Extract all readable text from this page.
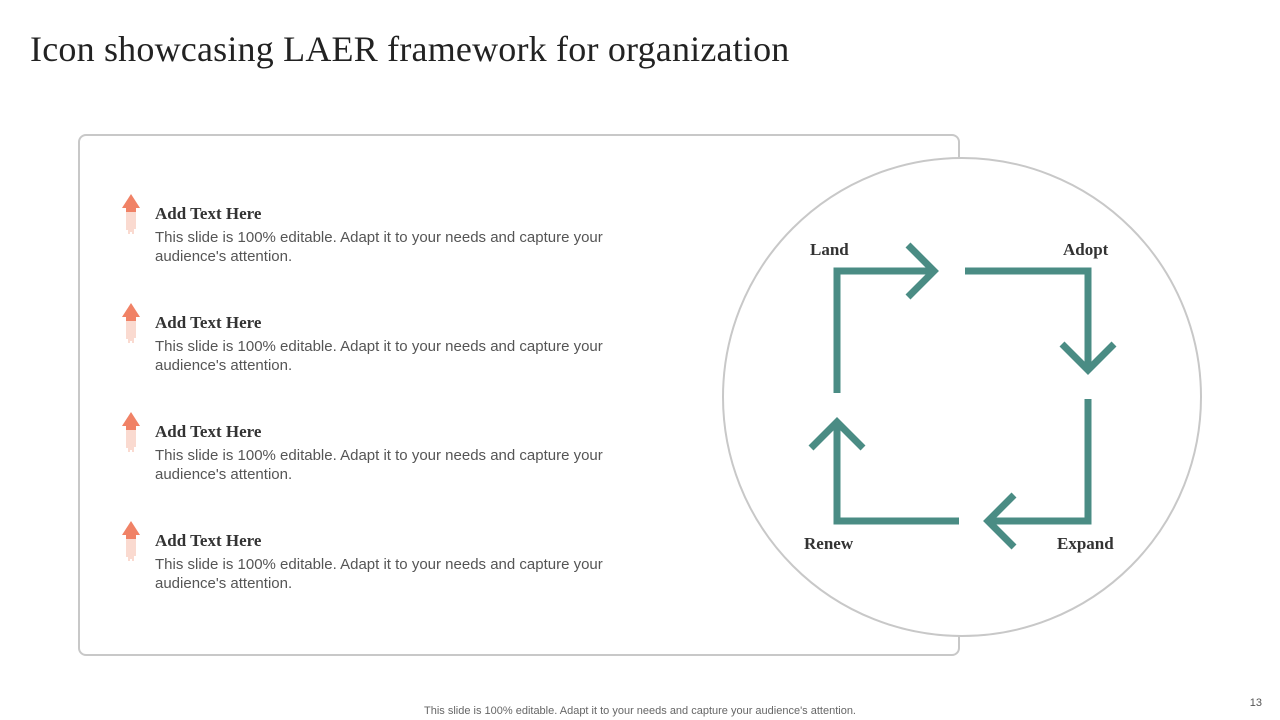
Icon showcasing LAER framework for organization
Add Text Here

This slide is 100% editable. Adapt it to your needs and capture your audience's attention.

Add Text Here

This slide is 100% editable. Adapt it to your needs and capture your audience's attention.

Add Text Here

This slide is 100% editable. Adapt it to your needs and capture your audience's attention.

Add Text Here

This slide is 100% editable. Adapt it to your needs and capture your audience's attention.

Land	Adopt
Expand
Renew
This slide is 100% editable. Adapt it to your needs and capture your audience's attention.
13
